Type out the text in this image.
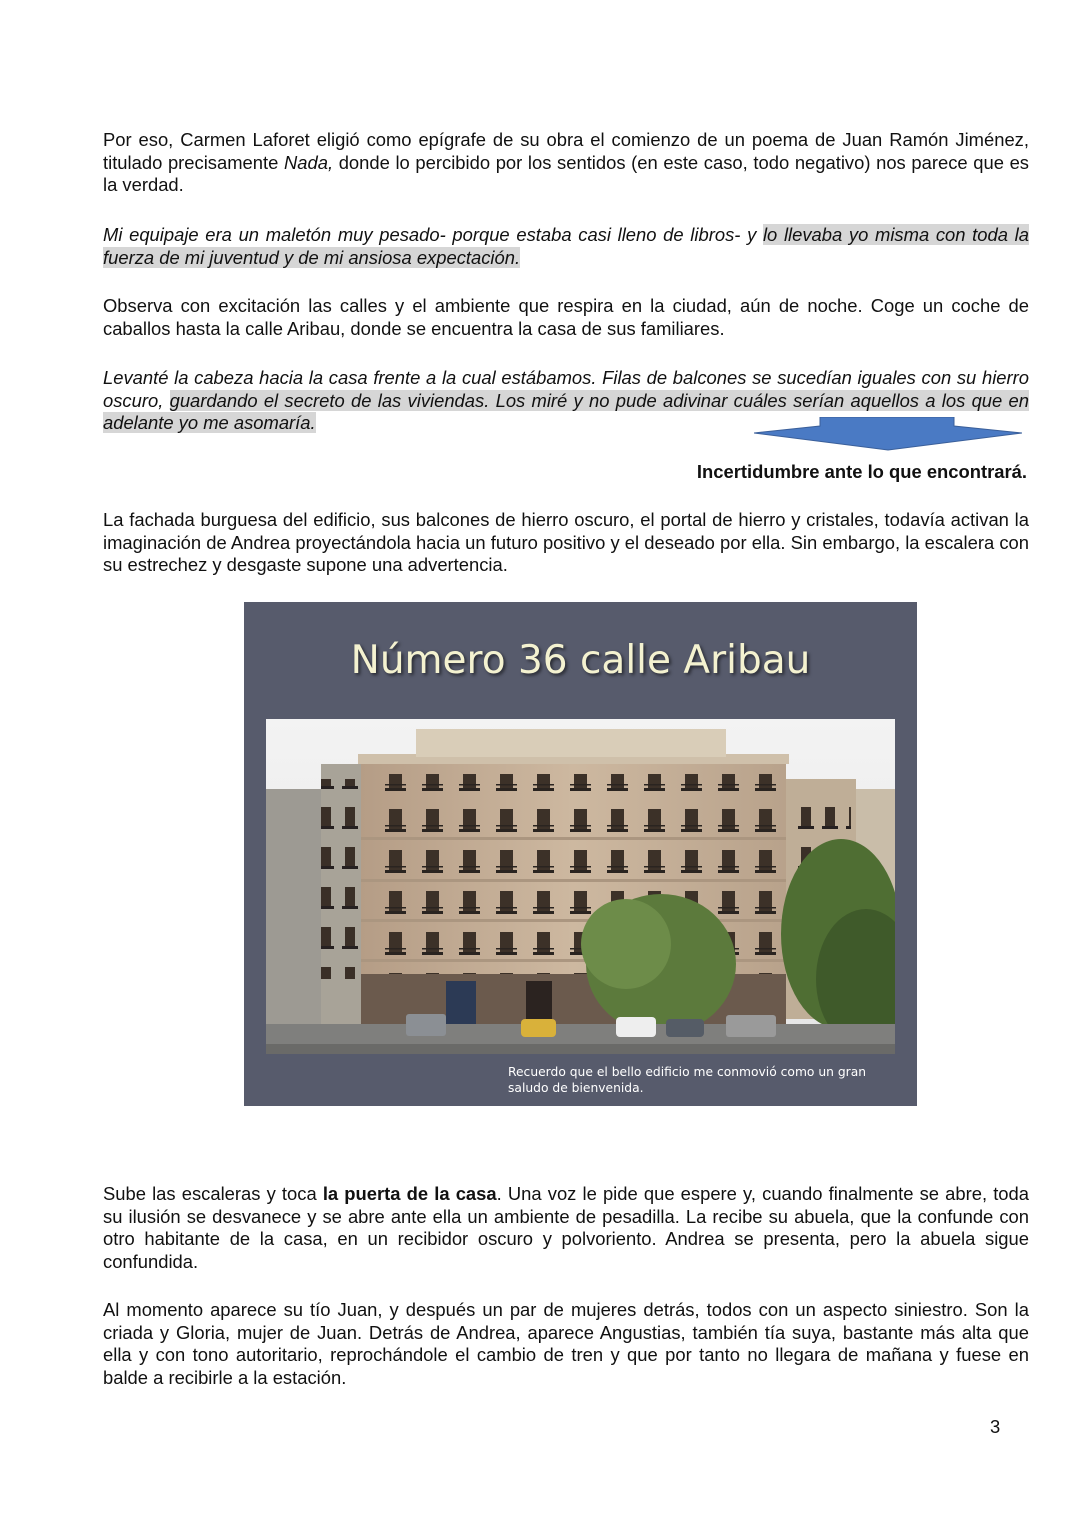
Por eso, Carmen Laforet eligió como epígrafe de su obra el comienzo de un poema de Juan Ramón Jiménez, titulado precisamente Nada, donde lo percibido por los sentidos (en este caso, todo negativo) nos parece que es la verdad.

Mi equipaje era un maletón muy pesado- porque estaba casi lleno de libros- y lo llevaba yo misma con toda la fuerza de mi juventud y de mi ansiosa expectación.

Observa con excitación las calles y el ambiente que respira en la ciudad, aún de noche. Coge un coche de caballos hasta la calle Aribau, donde se encuentra la casa de sus familiares.

Levanté la cabeza hacia la casa frente a la cual estábamos. Filas de balcones se sucedían iguales con su hierro oscuro, guardando el secreto de las viviendas. Los miré y no pude adivinar cuáles serían aquellos a los que en adelante yo me asomaría.

Incertidumbre ante lo que encontrará.

La fachada burguesa del edificio, sus balcones de hierro oscuro, el portal de hierro y cristales, todavía activan la imaginación de Andrea proyectándola hacia un futuro positivo y el deseado por ella. Sin embargo, la escalera con su estrechez y desgaste supone una advertencia.

Número 36 calle Aribau

Recuerdo que el bello edificio me conmovió como un gran
saludo de bienvenida.

Sube las escaleras y toca la puerta de la casa. Una voz le pide que espere y, cuando finalmente se abre, toda su ilusión se desvanece y se abre ante ella un ambiente de pesadilla. La recibe su abuela, que la confunde con otro habitante de la casa, en un recibidor oscuro y polvoriento. Andrea se presenta, pero la abuela sigue confundida.

Al momento aparece su tío Juan, y después un par de mujeres detrás, todos con un aspecto siniestro. Son la criada y Gloria, mujer de Juan. Detrás de Andrea, aparece Angustias, también tía suya, bastante más alta que ella y con tono autoritario, reprochándole el cambio de tren y que por tanto no llegara de mañana y fuese en balde a recibirle a la estación.

3
